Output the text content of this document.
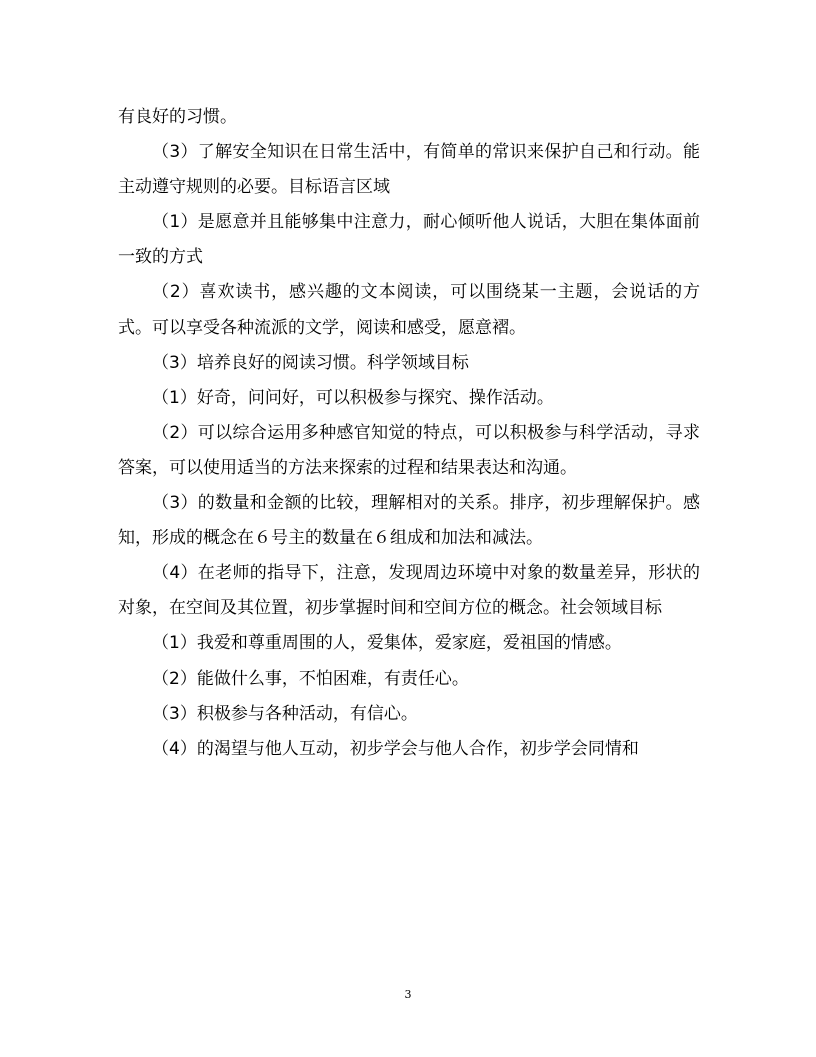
有良好的习惯。

（3）了解安全知识在日常生活中，有简单的常识来保护自己和行动。能主动遵守规则的必要。目标语言区域

（1）是愿意并且能够集中注意力，耐心倾听他人说话，大胆在集体面前一致的方式

（2）喜欢读书，感兴趣的文本阅读，可以围绕某一主题，会说话的方式。可以享受各种流派的文学，阅读和感受，愿意褶。

（3）培养良好的阅读习惯。科学领域目标

（1）好奇，问问好，可以积极参与探究、操作活动。

（2）可以综合运用多种感官知觉的特点，可以积极参与科学活动，寻求答案，可以使用适当的方法来探索的过程和结果表达和沟通。

（3）的数量和金额的比较，理解相对的关系。排序，初步理解保护。感知，形成的概念在６号主的数量在６组成和加法和减法。

（4）在老师的指导下，注意，发现周边环境中对象的数量差异，形状的对象，在空间及其位置，初步掌握时间和空间方位的概念。社会领域目标

（1）我爱和尊重周围的人，爱集体，爱家庭，爱祖国的情感。

（2）能做什么事，不怕困难，有责任心。

（3）积极参与各种活动，有信心。

（4）的渴望与他人互动，初步学会与他人合作，初步学会同情和

3
